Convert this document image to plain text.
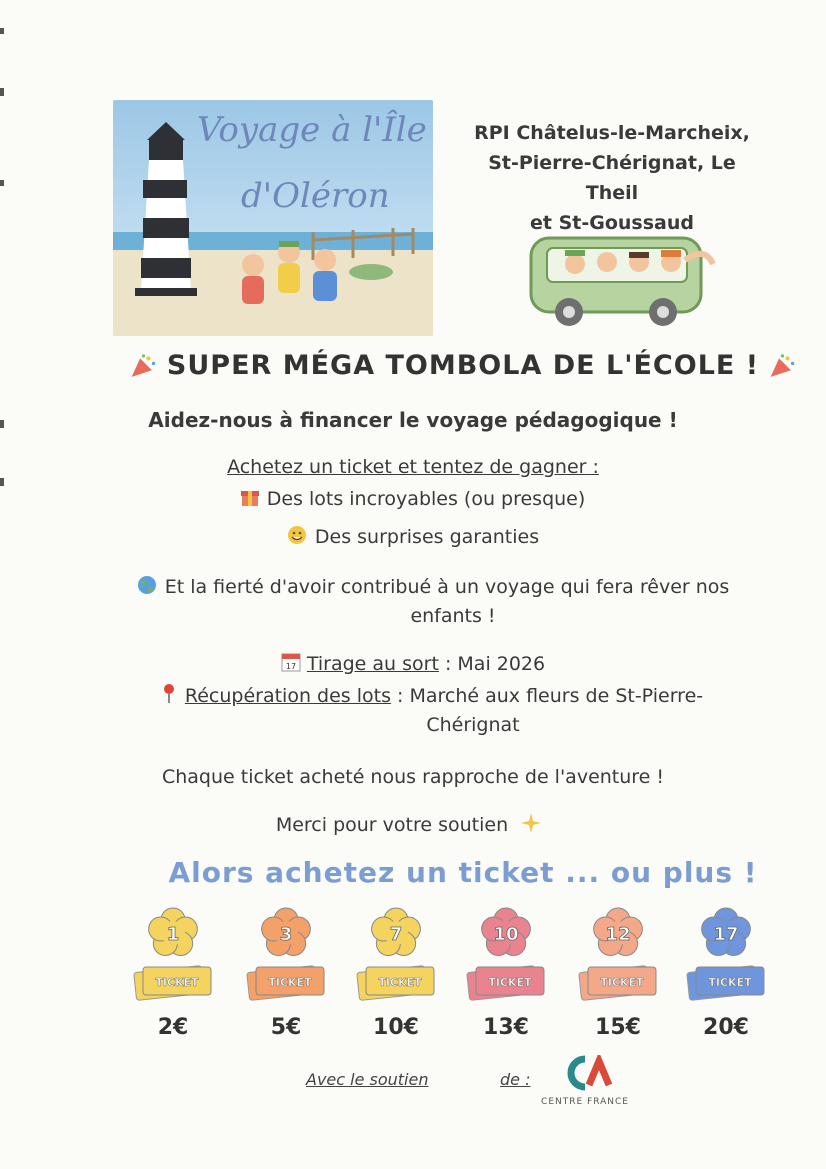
Voyage à l'Île
d'Oléron
RPI Châtelus-le-Marcheix,
St-Pierre-Chérignat, Le Theil
et St-Goussaud
SUPER MÉGA TOMBOLA DE L'ÉCOLE !
Aidez-nous à financer le voyage pédagogique !
Achetez un ticket et tentez de gagner :
Des lots incroyables (ou presque)
Des surprises garanties
Et la fierté d'avoir contribué à un voyage qui fera rêver nos
enfants !
17 Tirage au sort : Mai 2026
Récupération des lots : Marché aux fleurs de St-Pierre-
Chérignat
Chaque ticket acheté nous rapproche de l'aventure !
Merci pour votre soutien
Alors achetez un ticket ... ou plus !
1
TICKET
2€
3
TICKET
5€
7
TICKET
10€
10
TICKET
13€
12
TICKET
15€
17
TICKET
20€
Avec le soutien	de :
CA
CENTRE FRANCE
